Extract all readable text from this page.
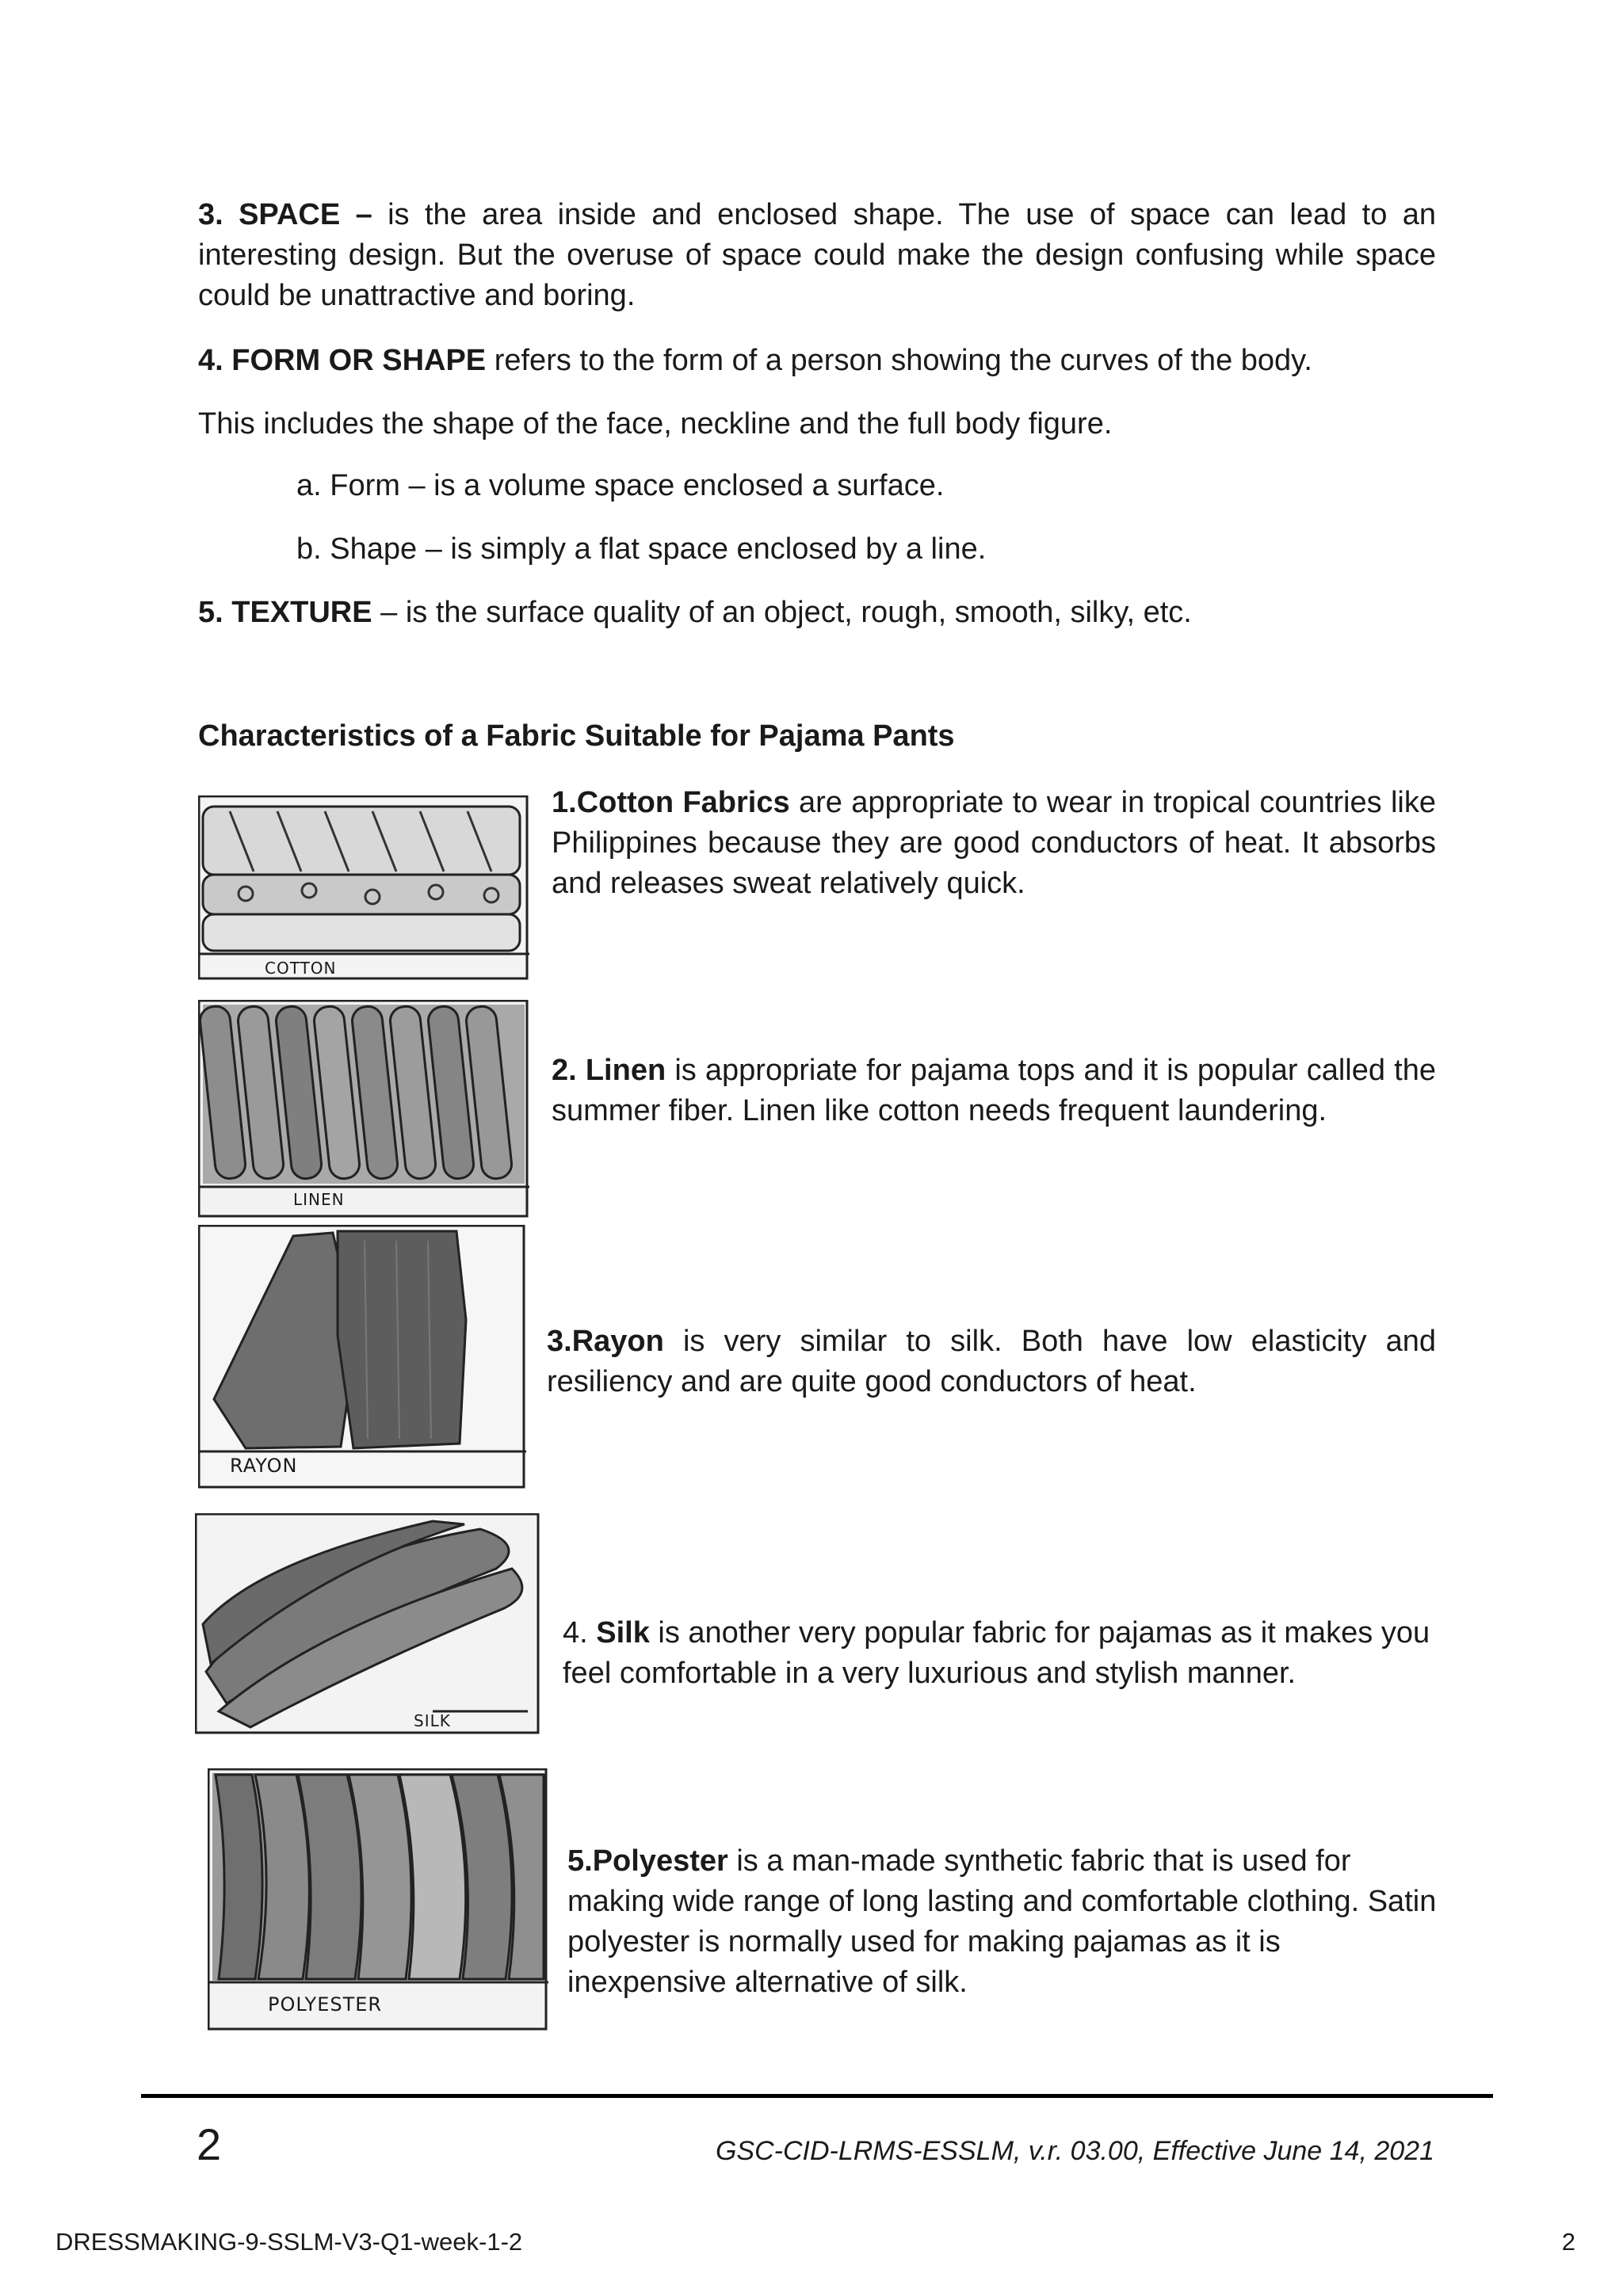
3. SPACE – is the area inside and enclosed shape. The use of space can lead to an interesting design. But the overuse of space could make the design confusing while space could be unattractive and boring.
4. FORM OR SHAPE refers to the form of a person showing the curves of the body.
This includes the shape of the face, neckline and the full body figure.
a. Form – is a volume space enclosed a surface.
b. Shape – is simply a flat space enclosed by a line.
5. TEXTURE – is the surface quality of an object, rough, smooth, silky, etc.
Characteristics of a Fabric Suitable for Pajama Pants
COTTON
1.Cotton Fabrics are appropriate to wear in tropical countries like Philippines because they are good conductors of heat. It absorbs and releases sweat relatively quick.
LINEN
2. Linen is appropriate for pajama tops and it is popular called the summer fiber. Linen like cotton needs frequent laundering.
RAYON
3.Rayon is very similar to silk. Both have low elasticity and resiliency and are quite good conductors of heat.
SILK
4. Silk is another very popular fabric for pajamas as it makes you feel comfortable in a very luxurious and stylish manner.
POLYESTER
5.Polyester is a man-made synthetic fabric that is used for making wide range of long lasting and comfortable clothing. Satin polyester is normally used for making pajamas as it is inexpensive alternative of silk.
2	GSC-CID-LRMS-ESSLM, v.r. 03.00, Effective June 14, 2021
DRESSMAKING-9-SSLM-V3-Q1-week-1-2	2
